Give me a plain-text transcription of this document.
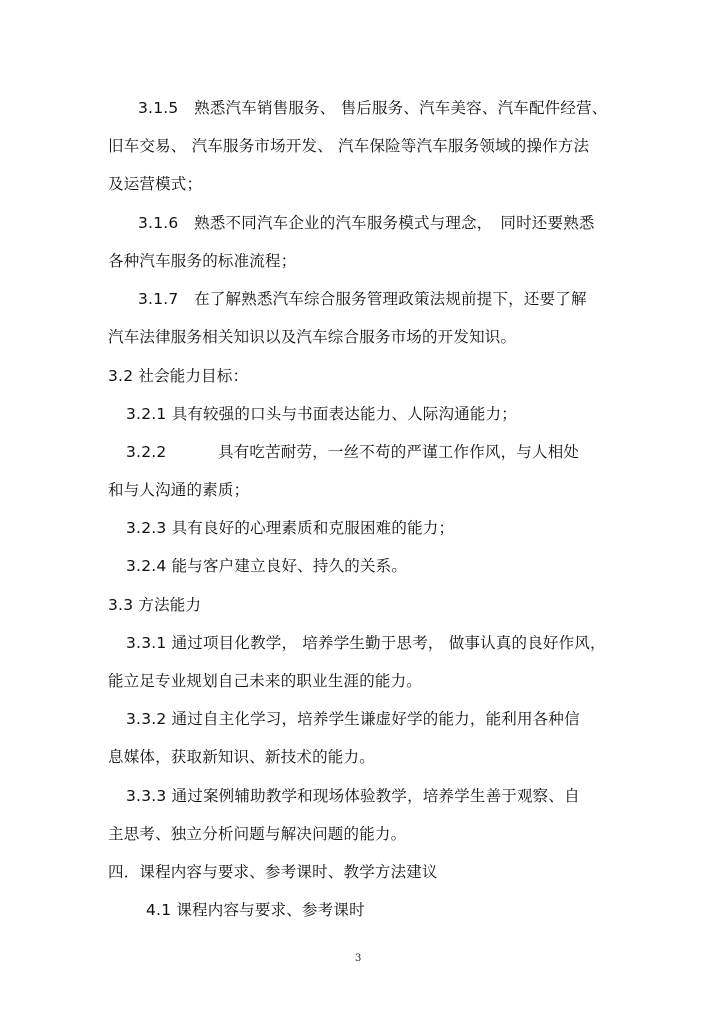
3.1.5　熟悉汽车销售服务、 售后服务、汽车美容、汽车配件经营、
旧车交易、 汽车服务市场开发、 汽车保险等汽车服务领域的操作方法
及运营模式；
3.1.6　熟悉不同汽车企业的汽车服务模式与理念，　同时还要熟悉
各种汽车服务的标准流程；
3.1.7　在了解熟悉汽车综合服务管理政策法规前提下，还要了解
汽车法律服务相关知识以及汽车综合服务市场的开发知识。
3.2 社会能力目标：
3.2.1 具有较强的口头与书面表达能力、人际沟通能力；
3.2.2	具有吃苦耐劳，一丝不苟的严谨工作作风，与人相处
和与人沟通的素质；
3.2.3 具有良好的心理素质和克服困难的能力；
3.2.4 能与客户建立良好、持久的关系。
3.3 方法能力
3.3.1 通过项目化教学， 培养学生勤于思考， 做事认真的良好作风，
能立足专业规划自己未来的职业生涯的能力。
3.3.2 通过自主化学习，培养学生谦虚好学的能力，能利用各种信
息媒体，获取新知识、新技术的能力。
3.3.3 通过案例辅助教学和现场体验教学，培养学生善于观察、自
主思考、独立分析问题与解决问题的能力。
四．课程内容与要求、参考课时、教学方法建议
4.1 课程内容与要求、参考课时
3
